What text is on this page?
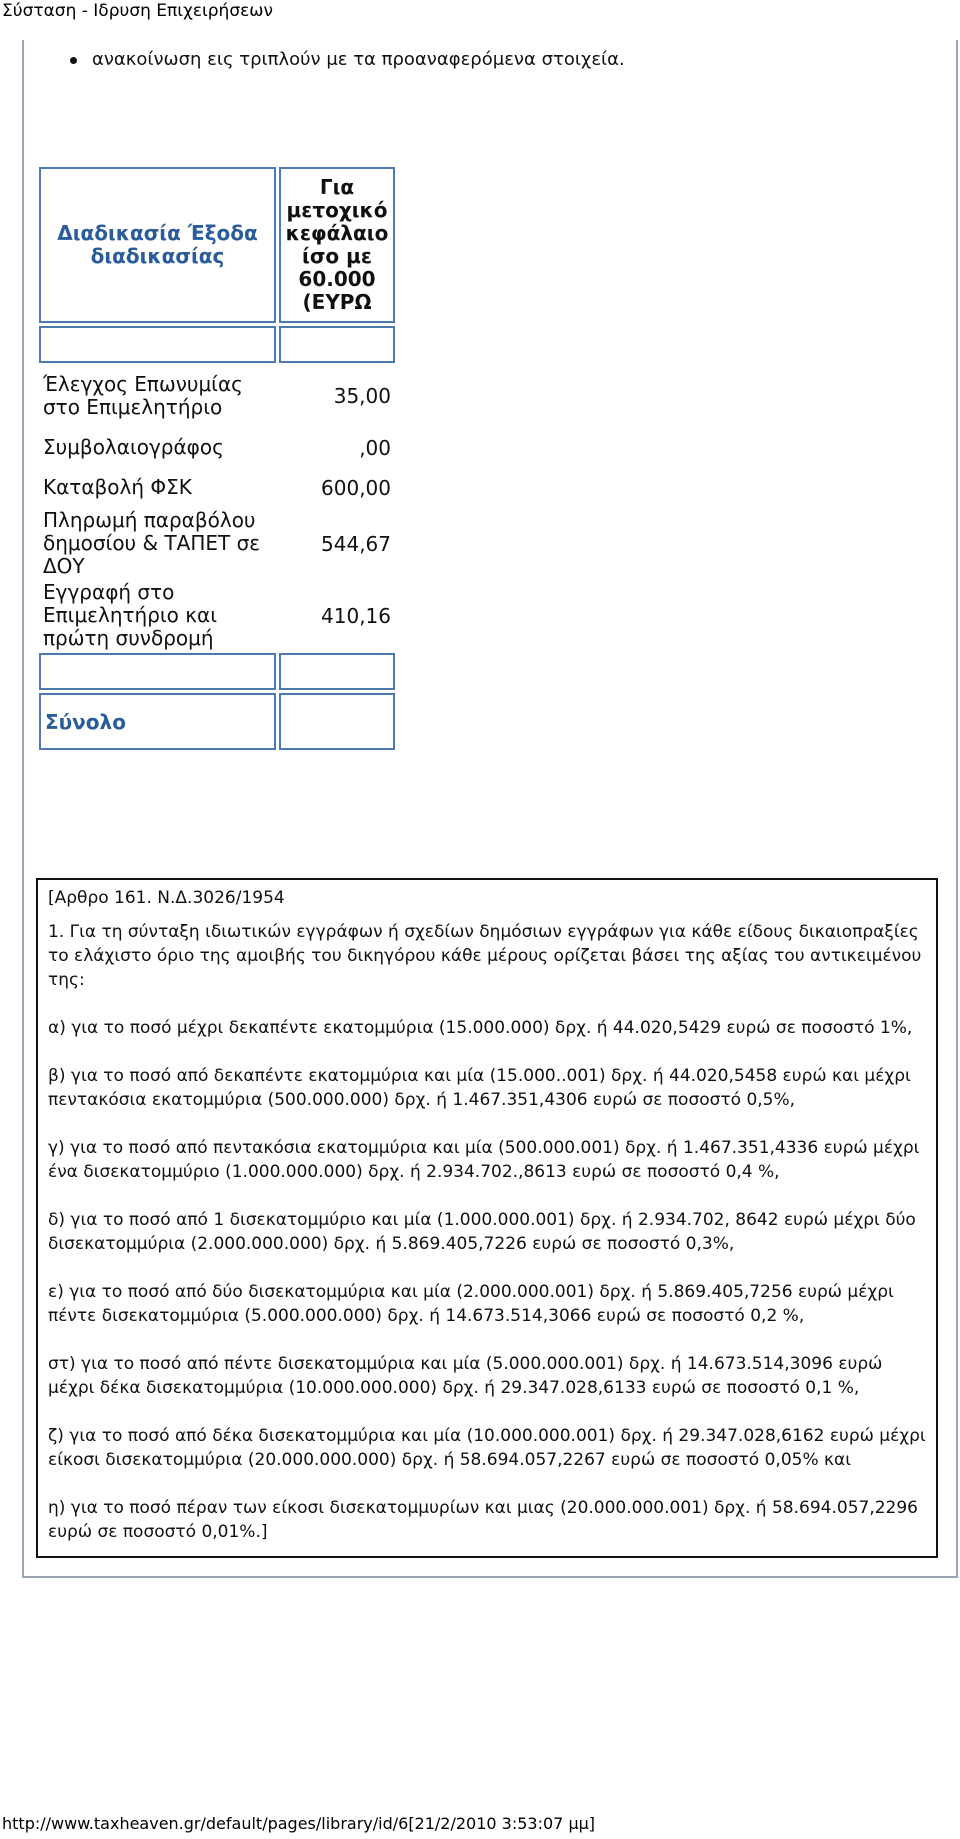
Σύσταση - Ιδρυση Επιχειρήσεων
ανακοίνωση εις τριπλούν με τα προαναφερόμενα στοιχεία.
Διαδικασία Έξοδα διαδικασίας	Για μετοχικό κεφάλαιο ίσο με 60.000 (ΕΥΡΩ

Έλεγχος Επωνυμίας στο Επιμελητήριο	35,00
Συμβολαιογράφος	,00
Καταβολή ΦΣΚ	600,00
Πληρωμή παραβόλου δημοσίου & ΤΑΠΕΤ σε ΔΟΥ	544,67
Εγγραφή στο Επιμελητήριο και πρώτη συνδρομή	410,16

Σύνολο	

[Αρθρο 161. Ν.Δ.3026/1954

1. Για τη σύνταξη ιδιωτικών εγγράφων ή σχεδίων δημόσιων εγγράφων για κάθε είδους δικαιοπραξίες το ελάχιστο όριο της αμοιβής του δικηγόρου κάθε μέρους ορίζεται βάσει της αξίας του αντικειμένου της:

α) για το ποσό μέχρι δεκαπέντε εκατομμύρια (15.000.000) δρχ. ή 44.020,5429 ευρώ σε ποσοστό 1%,

β) για το ποσό από δεκαπέντε εκατομμύρια και μία (15.000..001) δρχ. ή 44.020,5458 ευρώ και μέχρι πεντακόσια εκατομμύρια (500.000.000) δρχ. ή 1.467.351,4306 ευρώ σε ποσοστό 0,5%,

γ) για το ποσό από πεντακόσια εκατομμύρια και μία (500.000.001) δρχ. ή 1.467.351,4336 ευρώ μέχρι ένα δισεκατομμύριο (1.000.000.000) δρχ. ή 2.934.702.,8613 ευρώ σε ποσοστό 0,4 %,

δ) για το ποσό από 1 δισεκατομμύριο και μία (1.000.000.001) δρχ. ή 2.934.702, 8642 ευρώ μέχρι δύο δισεκατομμύρια (2.000.000.000) δρχ. ή 5.869.405,7226 ευρώ σε ποσοστό 0,3%,

ε) για το ποσό από δύο δισεκατομμύρια και μία (2.000.000.001) δρχ. ή 5.869.405,7256 ευρώ μέχρι πέντε δισεκατομμύρια (5.000.000.000) δρχ. ή 14.673.514,3066 ευρώ σε ποσοστό 0,2 %,

στ) για το ποσό από πέντε δισεκατομμύρια και μία (5.000.000.001) δρχ. ή 14.673.514,3096 ευρώ μέχρι δέκα δισεκατομμύρια (10.000.000.000) δρχ. ή 29.347.028,6133 ευρώ σε ποσοστό 0,1 %,

ζ) για το ποσό από δέκα δισεκατομμύρια και μία (10.000.000.001) δρχ. ή 29.347.028,6162 ευρώ μέχρι είκοσι δισεκατομμύρια (20.000.000.000) δρχ. ή 58.694.057,2267 ευρώ σε ποσοστό 0,05% και

η) για το ποσό πέραν των είκοσι δισεκατομμυρίων και μιας (20.000.000.001) δρχ. ή 58.694.057,2296 ευρώ σε ποσοστό 0,01%.]

http://www.taxheaven.gr/default/pages/library/id/6[21/2/2010 3:53:07 μμ]
